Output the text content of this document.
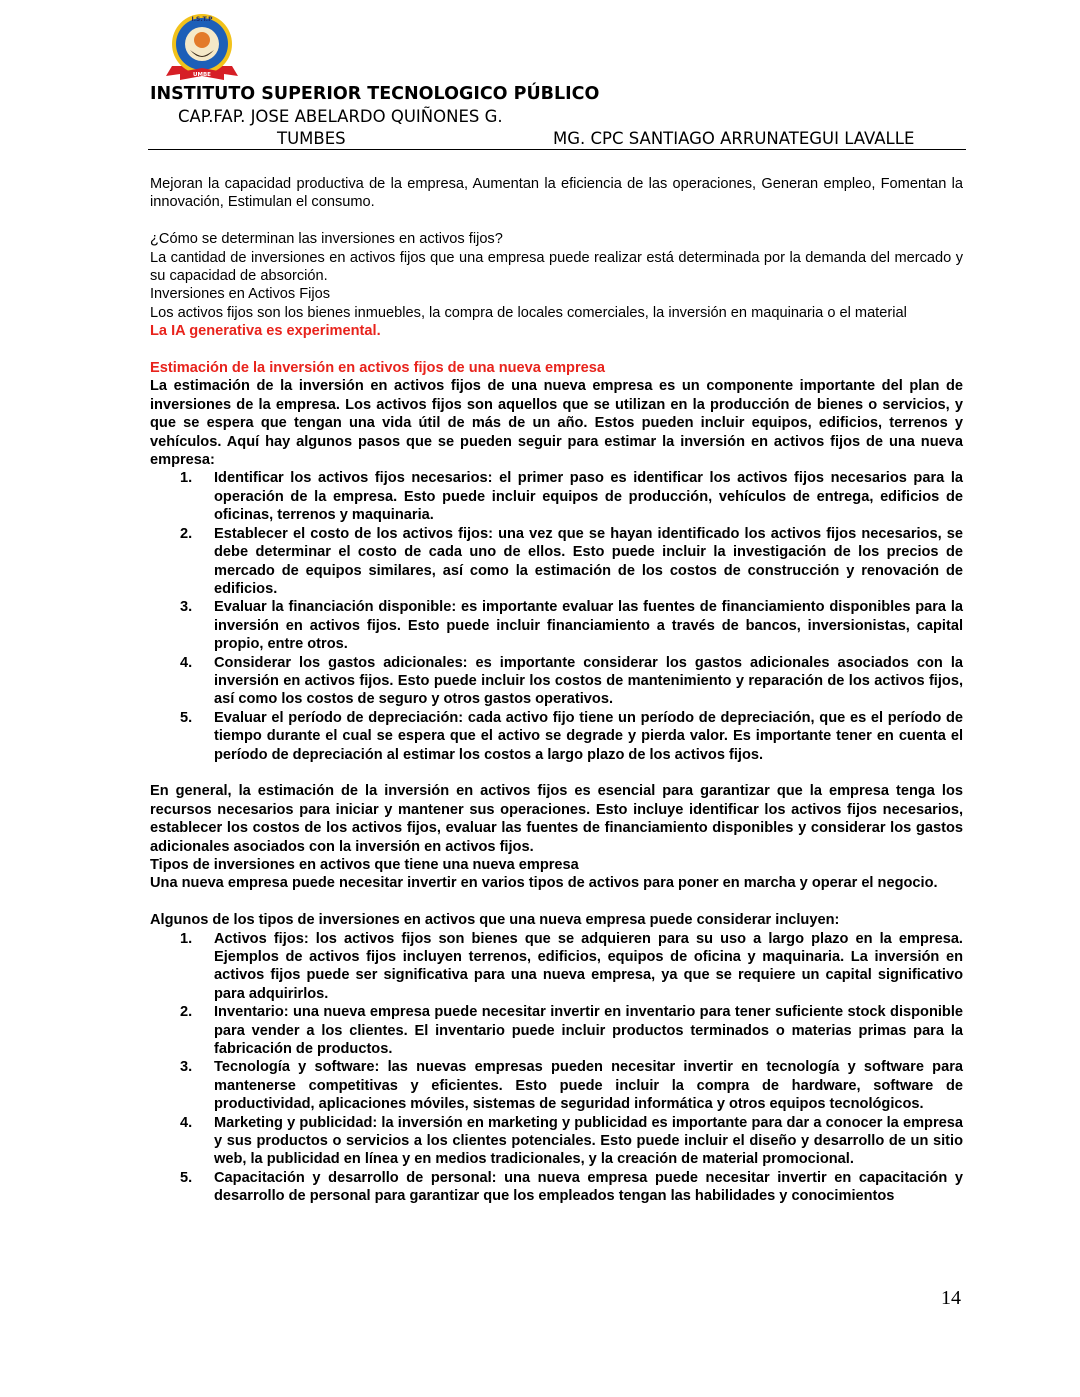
I.S.T.P
UMBE
INSTITUTO SUPERIOR TECNOLOGICO PÚBLICO
CAP.FAP. JOSE ABELARDO QUIÑONES G.
TUMBES	MG. CPC SANTIAGO ARRUNATEGUI LAVALLE

Mejoran la capacidad productiva de la empresa, Aumentan la eficiencia de las operaciones, Generan empleo, Fomentan la innovación, Estimulan el consumo.

¿Cómo se determinan las inversiones en activos fijos?

La cantidad de inversiones en activos fijos que una empresa puede realizar está determinada por la demanda del mercado y su capacidad de absorción.

Inversiones en Activos Fijos

Los activos fijos son los bienes inmuebles, la compra de locales comerciales, la inversión en maquinaria o el material

La IA generativa es experimental.

Estimación de la inversión en activos fijos de una nueva empresa

La estimación de la inversión en activos fijos de una nueva empresa es un componente importante del plan de inversiones de la empresa. Los activos fijos son aquellos que se utilizan en la producción de bienes o servicios, y que se espera que tengan una vida útil de más de un año. Estos pueden incluir equipos, edificios, terrenos y vehículos. Aquí hay algunos pasos que se pueden seguir para estimar la inversión en activos fijos de una nueva empresa:

1. Identificar los activos fijos necesarios: el primer paso es identificar los activos fijos necesarios para la operación de la empresa. Esto puede incluir equipos de producción, vehículos de entrega, edificios de oficinas, terrenos y maquinaria.
2. Establecer el costo de los activos fijos: una vez que se hayan identificado los activos fijos necesarios, se debe determinar el costo de cada uno de ellos. Esto puede incluir la investigación de los precios de mercado de equipos similares, así como la estimación de los costos de construcción y renovación de edificios.
3. Evaluar la financiación disponible: es importante evaluar las fuentes de financiamiento disponibles para la inversión en activos fijos. Esto puede incluir financiamiento a través de bancos, inversionistas, capital propio, entre otros.
4. Considerar los gastos adicionales: es importante considerar los gastos adicionales asociados con la inversión en activos fijos. Esto puede incluir los costos de mantenimiento y reparación de los activos fijos, así como los costos de seguro y otros gastos operativos.
5. Evaluar el período de depreciación: cada activo fijo tiene un período de depreciación, que es el período de tiempo durante el cual se espera que el activo se degrade y pierda valor. Es importante tener en cuenta el período de depreciación al estimar los costos a largo plazo de los activos fijos.

En general, la estimación de la inversión en activos fijos es esencial para garantizar que la empresa tenga los recursos necesarios para iniciar y mantener sus operaciones. Esto incluye identificar los activos fijos necesarios, establecer los costos de los activos fijos, evaluar las fuentes de financiamiento disponibles y considerar los gastos adicionales asociados con la inversión en activos fijos.

Tipos de inversiones en activos que tiene una nueva empresa

Una nueva empresa puede necesitar invertir en varios tipos de activos para poner en marcha y operar el negocio.

Algunos de los tipos de inversiones en activos que una nueva empresa puede considerar incluyen:

1. Activos fijos: los activos fijos son bienes que se adquieren para su uso a largo plazo en la empresa. Ejemplos de activos fijos incluyen terrenos, edificios, equipos de oficina y maquinaria. La inversión en activos fijos puede ser significativa para una nueva empresa, ya que se requiere un capital significativo para adquirirlos.
2. Inventario: una nueva empresa puede necesitar invertir en inventario para tener suficiente stock disponible para vender a los clientes. El inventario puede incluir productos terminados o materias primas para la fabricación de productos.
3. Tecnología y software: las nuevas empresas pueden necesitar invertir en tecnología y software para mantenerse competitivas y eficientes. Esto puede incluir la compra de hardware, software de productividad, aplicaciones móviles, sistemas de seguridad informática y otros equipos tecnológicos.
4. Marketing y publicidad: la inversión en marketing y publicidad es importante para dar a conocer la empresa y sus productos o servicios a los clientes potenciales. Esto puede incluir el diseño y desarrollo de un sitio web, la publicidad en línea y en medios tradicionales, y la creación de material promocional.
5. Capacitación y desarrollo de personal: una nueva empresa puede necesitar invertir en capacitación y desarrollo de personal para garantizar que los empleados tengan las habilidades y conocimientos
14
